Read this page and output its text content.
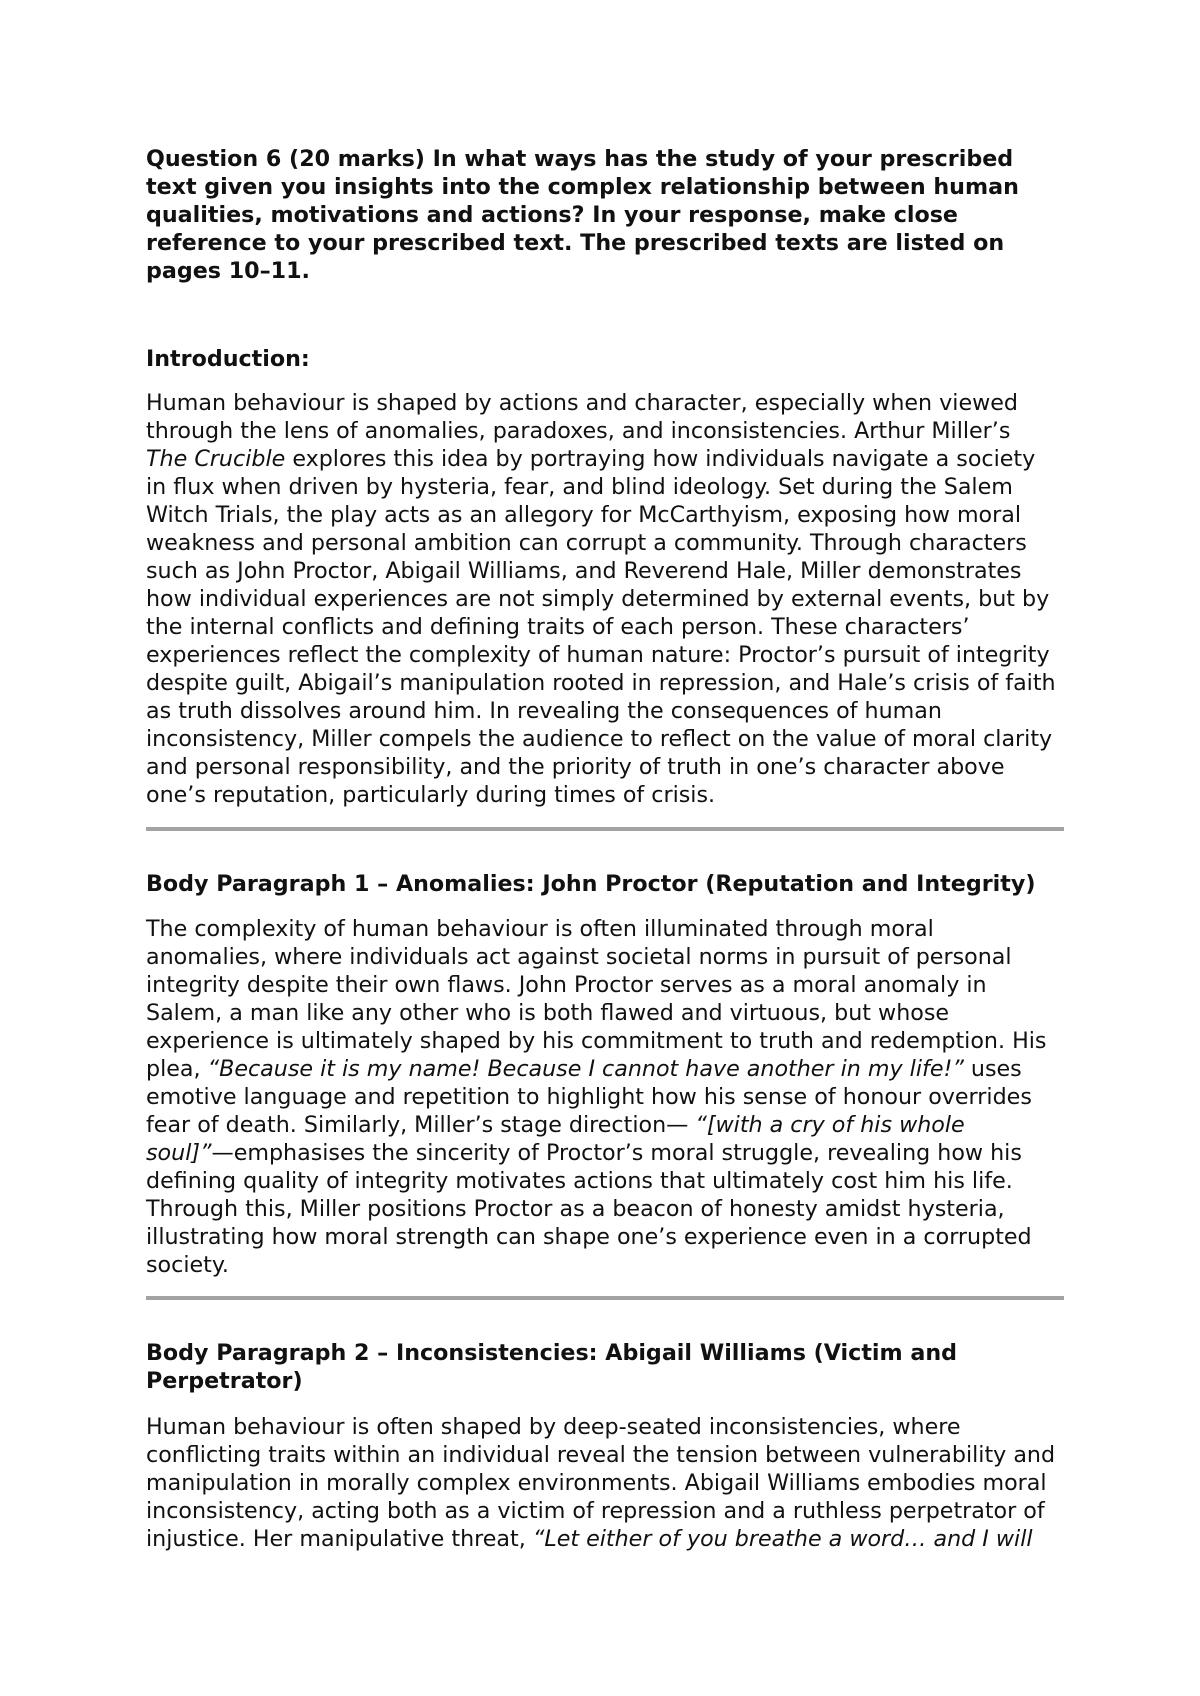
Question 6 (20 marks) In what ways has the study of your prescribed
text given you insights into the complex relationship between human
qualities, motivations and actions? In your response, make close
reference to your prescribed text. The prescribed texts are listed on
pages 10–11.
Introduction:
Human behaviour is shaped by actions and character, especially when viewed
through the lens of anomalies, paradoxes, and inconsistencies. Arthur Miller’s
The Crucible explores this idea by portraying how individuals navigate a society
in flux when driven by hysteria, fear, and blind ideology. Set during the Salem
Witch Trials, the play acts as an allegory for McCarthyism, exposing how moral
weakness and personal ambition can corrupt a community. Through characters
such as John Proctor, Abigail Williams, and Reverend Hale, Miller demonstrates
how individual experiences are not simply determined by external events, but by
the internal conflicts and defining traits of each person. These characters’
experiences reflect the complexity of human nature: Proctor’s pursuit of integrity
despite guilt, Abigail’s manipulation rooted in repression, and Hale’s crisis of faith
as truth dissolves around him. In revealing the consequences of human
inconsistency, Miller compels the audience to reflect on the value of moral clarity
and personal responsibility, and the priority of truth in one’s character above
one’s reputation, particularly during times of crisis.
Body Paragraph 1 – Anomalies: John Proctor (Reputation and Integrity)
The complexity of human behaviour is often illuminated through moral
anomalies, where individuals act against societal norms in pursuit of personal
integrity despite their own flaws. John Proctor serves as a moral anomaly in
Salem, a man like any other who is both flawed and virtuous, but whose
experience is ultimately shaped by his commitment to truth and redemption. His
plea, “Because it is my name! Because I cannot have another in my life!” uses
emotive language and repetition to highlight how his sense of honour overrides
fear of death. Similarly, Miller’s stage direction— “[with a cry of his whole
soul]”—emphasises the sincerity of Proctor’s moral struggle, revealing how his
defining quality of integrity motivates actions that ultimately cost him his life.
Through this, Miller positions Proctor as a beacon of honesty amidst hysteria,
illustrating how moral strength can shape one’s experience even in a corrupted
society.
Body Paragraph 2 – Inconsistencies: Abigail Williams (Victim and
Perpetrator)
Human behaviour is often shaped by deep-seated inconsistencies, where
conflicting traits within an individual reveal the tension between vulnerability and
manipulation in morally complex environments. Abigail Williams embodies moral
inconsistency, acting both as a victim of repression and a ruthless perpetrator of
injustice. Her manipulative threat, “Let either of you breathe a word… and I will
